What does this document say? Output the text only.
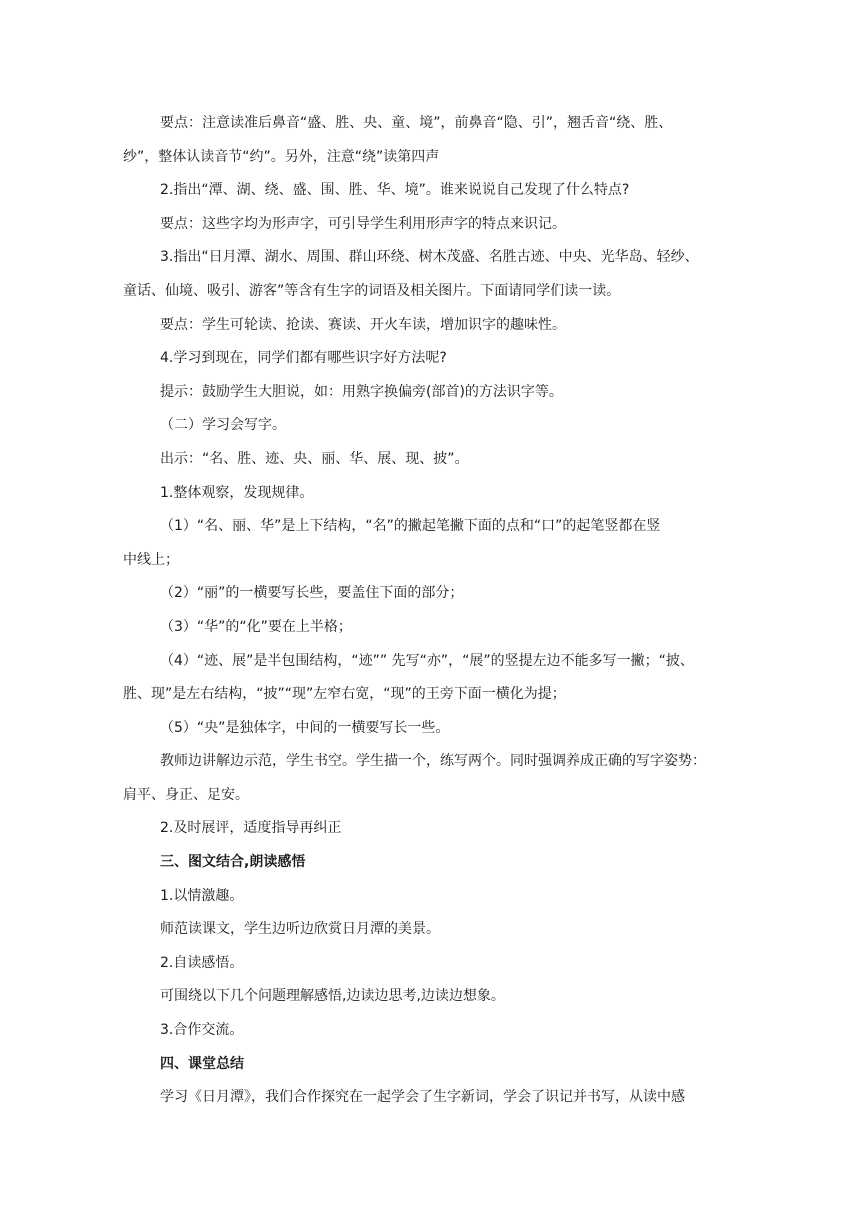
要点：注意读准后鼻音“盛、胜、央、童、境”，前鼻音“隐、引”，翘舌音“绕、胜、
纱”，整体认读音节“约”。另外，注意“绕”读第四声
2.指出“潭、湖、绕、盛、围、胜、华、境”。谁来说说自己发现了什么特点?
要点：这些字均为形声字，可引导学生利用形声字的特点来识记。
3.指出“日月潭、湖水、周围、群山环绕、树木茂盛、名胜古迹、中央、光华岛、轻纱、
童话、仙境、吸引、游客”等含有生字的词语及相关图片。下面请同学们读一读。
要点：学生可轮读、抢读、赛读、开火车读，增加识字的趣味性。
4.学习到现在，同学们都有哪些识字好方法呢?
提示：鼓励学生大胆说，如：用熟字换偏旁(部首)的方法识字等。
（二）学习会写字。
出示：“名、胜、迹、央、丽、华、展、现、披”。
1.整体观察，发现规律。
（1）“名、丽、华”是上下结构，“名”的撇起笔撇下面的点和“口”的起笔竖都在竖
中线上；
（2）“丽”的一横要写长些，要盖住下面的部分；
（3）“华”的“化”要在上半格；
（4）“迹、展”是半包围结构，“迹”” 先写“亦”，“展”的竖提左边不能多写一撇；“披、
胜、现”是左右结构，“披”“现”左窄右宽，“现”的王旁下面一横化为提；
（5）“央”是独体字，中间的一横要写长一些。
教师边讲解边示范，学生书空。学生描一个，练写两个。同时强调养成正确的写字姿势：
肩平、身正、足安。
2.及时展评，适度指导再纠正
三、图文结合,朗读感悟
1.以情激趣。
师范读课文，学生边听边欣赏日月潭的美景。
2.自读感悟。
可围绕以下几个问题理解感悟,边读边思考,边读边想象。
3.合作交流。
四、课堂总结
学习《日月潭》，我们合作探究在一起学会了生字新词，学会了识记并书写，从读中感
